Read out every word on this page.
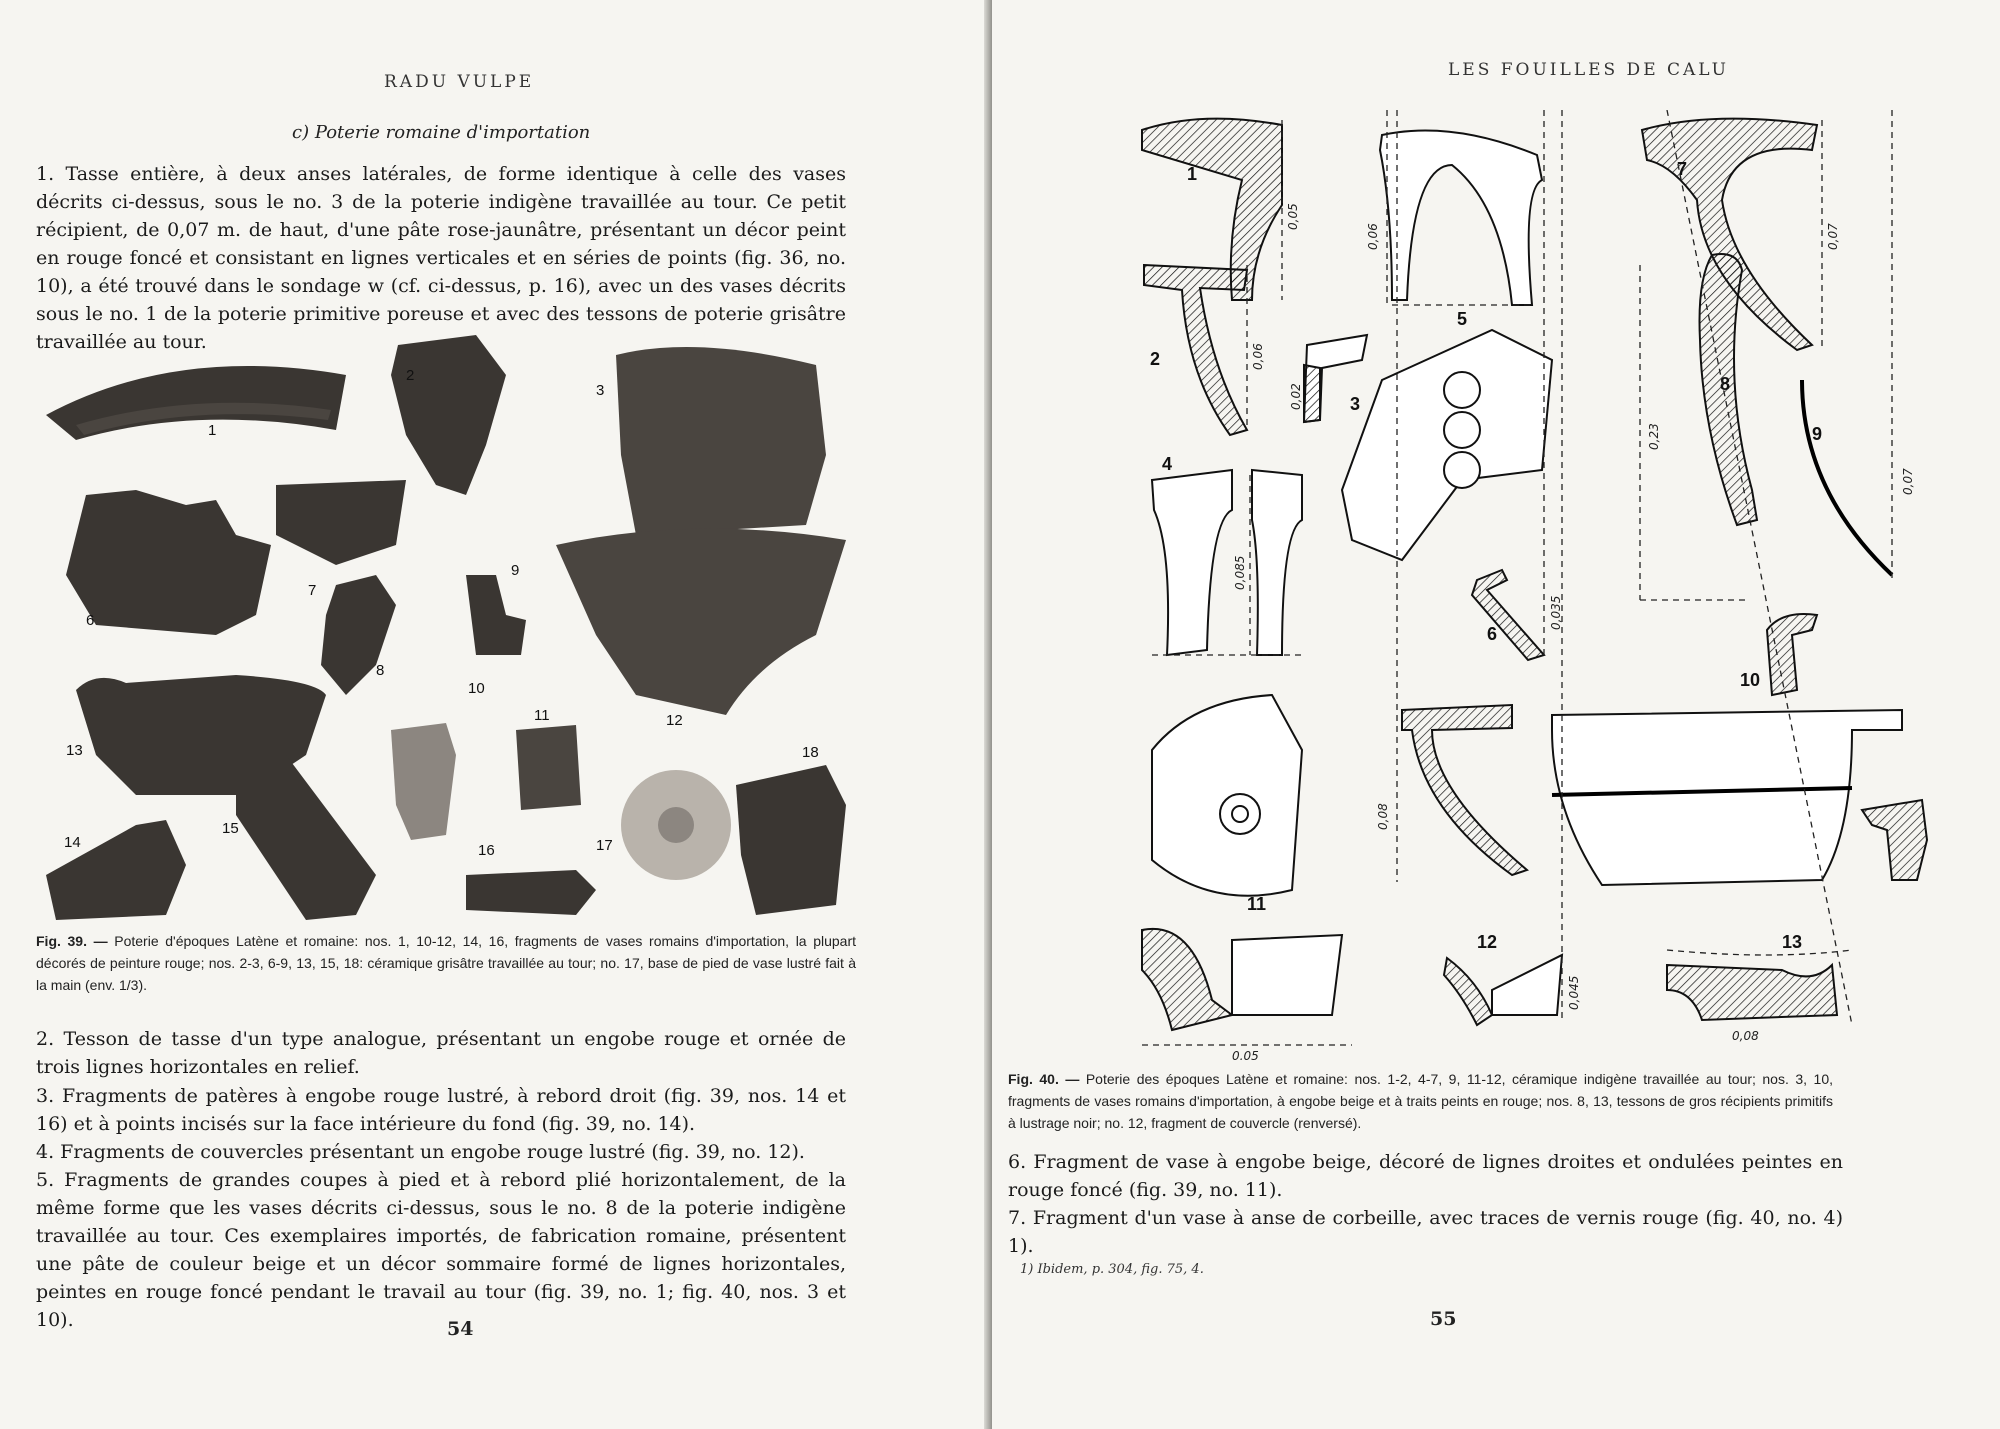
RADU VULPE
c) Poterie romaine d'importation

1. Tasse entière, à deux anses latérales, de forme identique à celle des vases décrits ci-dessus, sous le no. 3 de la poterie indigène travaillée au tour. Ce petit récipient, de 0,07 m. de haut, d'une pâte rose-jaunâtre, présentant un décor peint en rouge foncé et consistant en lignes verticales et en séries de points (fig. 36, no. 10), a été trouvé dans le sondage w (cf. ci-dessus, p. 16), avec un des vases décrits sous le no. 1 de la poterie primitive poreuse et avec des tessons de poterie grisâtre travaillée au tour.

1
2
3
6
7
8
9
10
11	12
13
14
15
16	17
18

Fig. 39. — Poterie d'époques Latène et romaine: nos. 1, 10-12, 14, 16, fragments de vases romains d'importation, la plupart décorés de peinture rouge; nos. 2-3, 6-9, 13, 15, 18: céramique grisâtre travaillée au tour; no. 17, base de pied de vase lustré fait à la main (env. 1/3).

2. Tesson de tasse d'un type analogue, présentant un engobe rouge et ornée de trois lignes horizontales en relief.

3. Fragments de patères à engobe rouge lustré, à rebord droit (fig. 39, nos. 14 et 16) et à points incisés sur la face intérieure du fond (fig. 39, no. 14).

4. Fragments de couvercles présentant un engobe rouge lustré (fig. 39, no. 12).

5. Fragments de grandes coupes à pied et à rebord plié horizontalement, de la même forme que les vases décrits ci-dessus, sous le no. 8 de la poterie indigène travaillée au tour. Ces exemplaires importés, de fabrication romaine, présentent une pâte de couleur beige et un décor sommaire formé de lignes horizontales, peintes en rouge foncé pendant le travail au tour (fig. 39, no. 1; fig. 40, nos. 3 et 10).	54
LES FOUILLES DE CALU
1
0,05
2	0,06
3
0,02
5
0,06
4
0,085
6
0,035
7
0,07
8
0,23	9
0,07
10
0,08
11
0,05
12
0,045
13
0,08

Fig. 40. — Poterie des époques Latène et romaine: nos. 1-2, 4-7, 9, 11-12, céramique indigène travaillée au tour; nos. 3, 10, fragments de vases romains d'importation, à engobe beige et à traits peints en rouge; nos. 8, 13, tessons de gros récipients primitifs à lustrage noir; no. 12, fragment de couvercle (renversé).

6. Fragment de vase à engobe beige, décoré de lignes droites et ondulées peintes en rouge foncé (fig. 39, no. 11).

7. Fragment d'un vase à anse de corbeille, avec traces de vernis rouge (fig. 40, no. 4) 1).

1) Ibidem, p. 304, fig. 75, 4.
55
